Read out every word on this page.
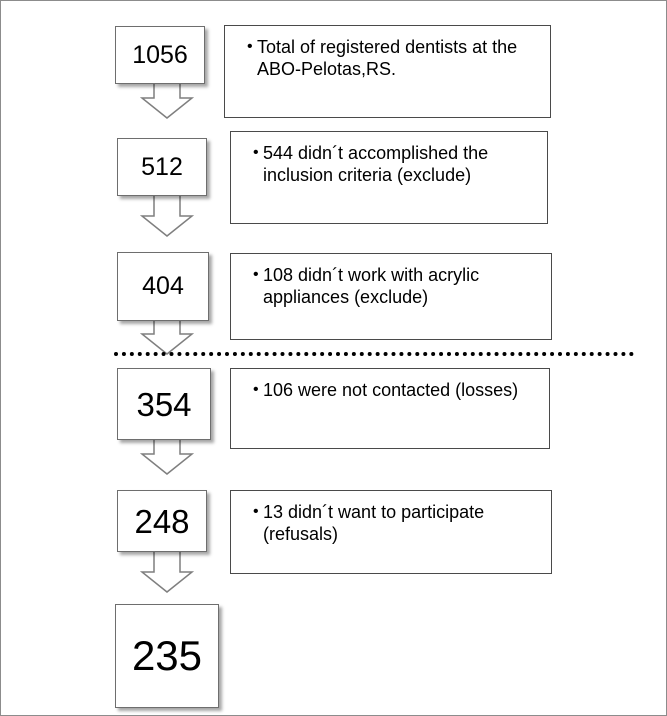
1056
512
404
354
248
235
• Total of registered dentists at the ABO-Pelotas,RS.
• 544 didn´t accomplished the inclusion criteria (exclude)
• 108 didn´t work with acrylic appliances (exclude)
• 106 were not contacted (losses)
• 13 didn´t want to participate (refusals)
